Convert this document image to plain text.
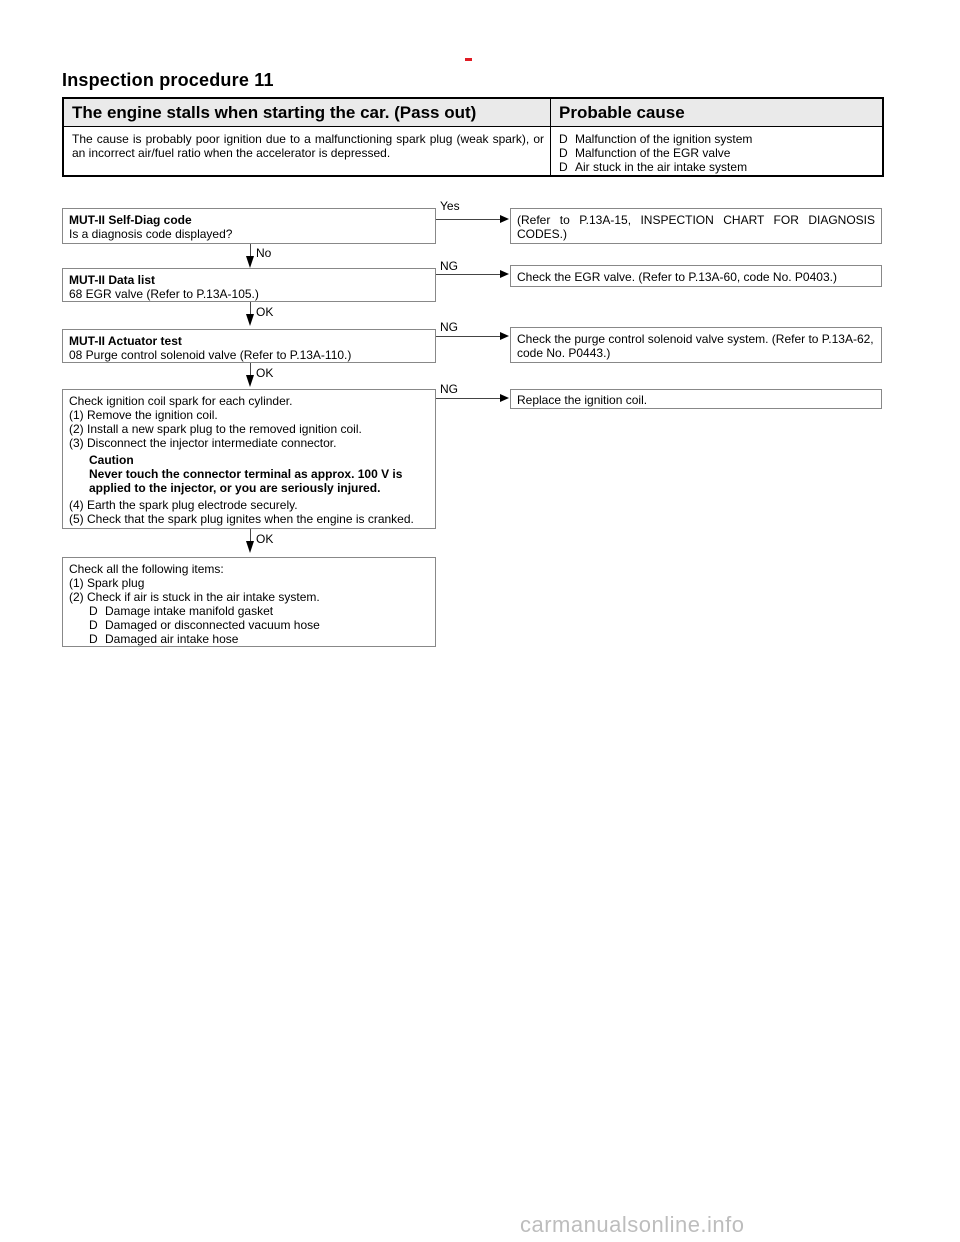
Inspection procedure 11
The engine stalls when starting the car. (Pass out)	Probable cause

The cause is probably poor ignition due to a malfunctioning spark plug (weak spark), or an incorrect air/fuel ratio when the accelerator is depressed.

D Malfunction of the ignition system
D Malfunction of the EGR valve
D Air stuck in the air intake system
MUT-II Self-Diag code
Is a diagnosis code displayed?
Yes
(Refer to P.13A-15, INSPECTION CHART FOR DIAGNOSIS CODES.)
No
MUT-II Data list
68 EGR valve (Refer to P.13A-105.)
NG
Check the EGR valve. (Refer to P.13A-60, code No. P0403.)
OK
MUT-II Actuator test
08 Purge control solenoid valve (Refer to P.13A-110.)
NG
Check the purge control solenoid valve system. (Refer to P.13A-62, code No. P0443.)
OK
Check ignition coil spark for each cylinder.
(1) Remove the ignition coil.
(2) Install a new spark plug to the removed ignition coil.
(3) Disconnect the injector intermediate connector.
Caution
Never touch the connector terminal as approx. 100 V is applied to the injector, or you are seriously injured.
(4) Earth the spark plug electrode securely.
(5) Check that the spark plug ignites when the engine is cranked.
NG
Replace the ignition coil.
OK
Check all the following items:
(1) Spark plug
(2) Check if air is stuck in the air intake system.
D Damage intake manifold gasket
D Damaged or disconnected vacuum hose
D Damaged air intake hose
carmanualsonline.info
